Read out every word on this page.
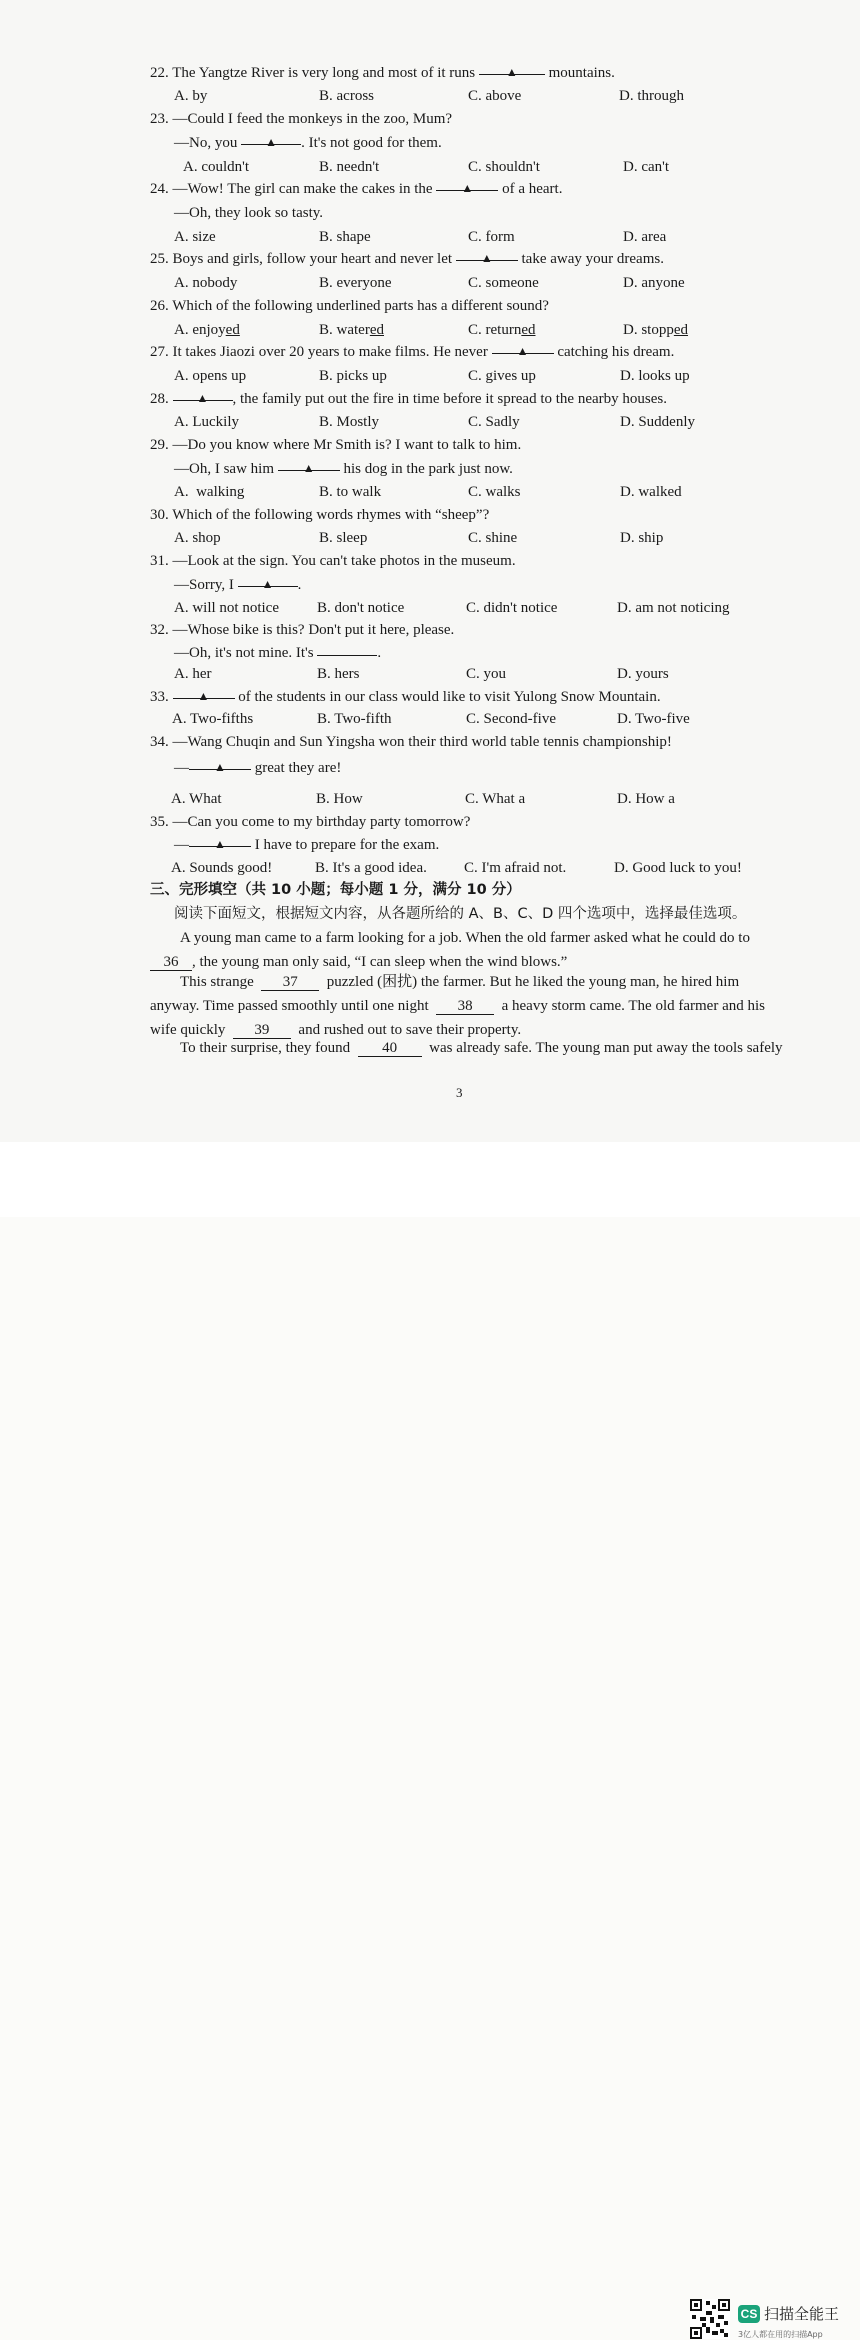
22. The Yangtze River is very long and most of it runs	▲ mountains.
A. by	B. across	C. above	D. through
23. —Could I feed the monkeys in the zoo, Mum?
—No, you ▲ . It's not good for them.
A. couldn't	B. needn't	C. shouldn't	D. can't
24. —Wow! The girl can make the cakes in the ▲ of a heart.
—Oh, they look so tasty.
A. size	B. shape	C. form	D. area
25. Boys and girls, follow your heart and never let ▲ take away your dreams.
A. nobody	B. everyone	C. someone	D. anyone
26. Which of the following underlined parts has a different sound?
A. enjoyed	B. watered	C. returned	D. stopped
27. It takes Jiaozi over 20 years to make films. He never ▲ catching his dream.
A. opens up	B. picks up	C. gives up	D. looks up
28. ▲ , the family put out the fire in time before it spread to the nearby houses.
A. Luckily	B. Mostly	C. Sadly	D. Suddenly
29. —Do you know where Mr Smith is? I want to talk to him.
—Oh, I saw him ▲ his dog in the park just now.
A.  walking	B. to walk	C. walks	D. walked
30. Which of the following words rhymes with “sheep”?
A. shop	B. sleep	C. shine	D. ship
31. —Look at the sign. You can't take photos in the museum.
—Sorry, I ▲ .
A. will not notice	B. don't notice	C. didn't notice	D. am not noticing
32. —Whose bike is this? Don't put it here, please.
—Oh, it's not mine. It's	.
A. her	B. hers	C. you	D. yours
33. ▲ of the students in our class would like to visit Yulong Snow Mountain.
A. Two-fifths	B. Two-fifth	C. Second-five	D. Two-five
34. —Wang Chuqin and Sun Yingsha won their third world table tennis championship!
— ▲ great they are!
A. What	B. How	C. What a	D. How a
35. —Can you come to my birthday party tomorrow?
— ▲ I have to prepare for the exam.
A. Sounds good!	B. It's a good idea. C. I'm afraid not.	D. Good luck to you!
三、完形填空（共 10 小题；每小题 1 分，满分 10 分）
阅读下面短文，根据短文内容，从各题所给的 A、B、C、D 四个选项中，选择最佳选项。
A young man came to a farm looking for a job. When the old farmer asked what he could do to
36 , the young man only said, “I can sleep when the wind blows.”
This strange 37 puzzled (困扰) the farmer. But he liked the young man, he hired him
anyway. Time passed smoothly until one night 38 a heavy storm came. The old farmer and his
wife quickly 39 and rushed out to save their property.
To their surprise, they found 40 was already safe. The young man put away the tools safely
3
CS 扫描全能王
3亿人都在用的扫描App
